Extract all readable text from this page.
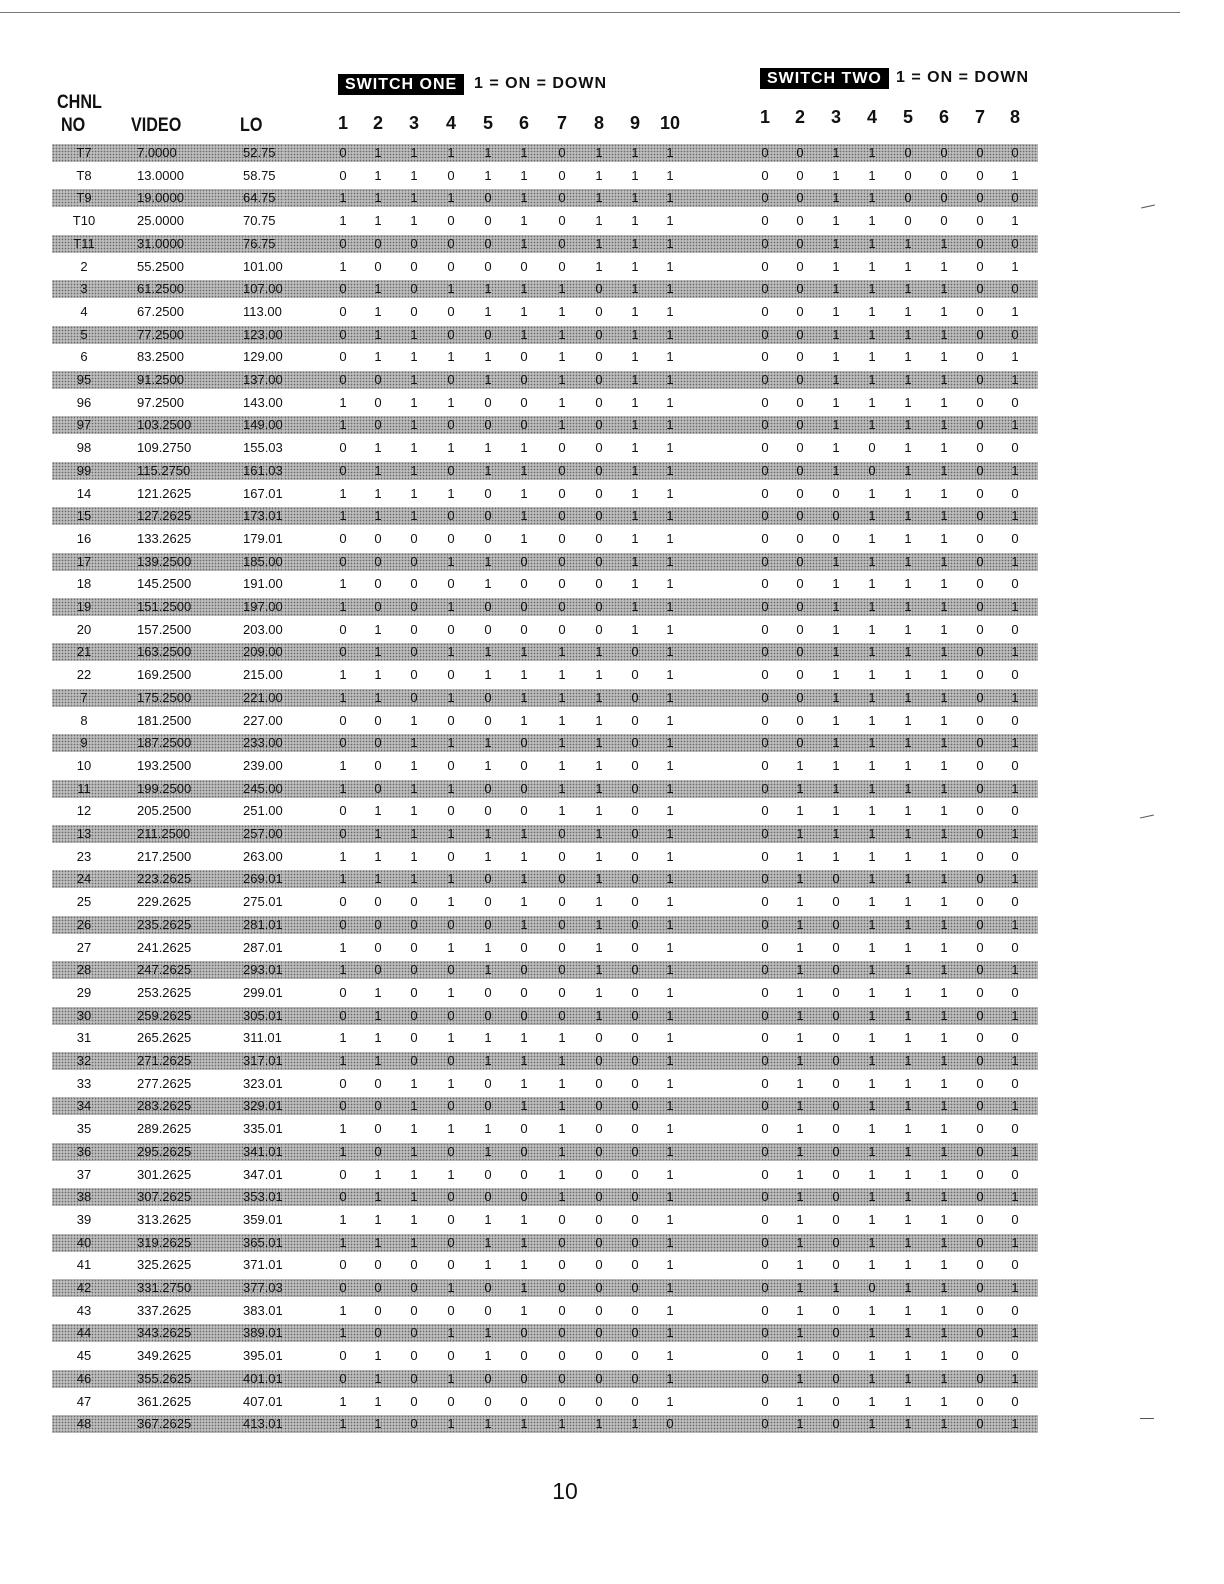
CHNL
NO VIDEO	LO
SWITCH ONE	1 = ON = DOWN
1 2 3 4 5 6 7 8 9 10
SWITCH TWO 1 = ON = DOWN
1 2 3 4 5 6 7 8
T7	7.0000	52.75	0	1	1	1	1	1	0	1	1	1	0	0	1	1	0	0	0	0
T8	13.0000	58.75	0	1	1	0	1	1	0	1	1	1	0	0	1	1	0	0	0	1
T9	19.0000	64.75	1	1	1	1	0	1	0	1	1	1	0	0	1	1	0	0	0	0
T10	25.0000	70.75	1	1	1	0	0	1	0	1	1	1	0	0	1	1	0	0	0	1
T11	31.0000	76.75	0	0	0	0	0	1	0	1	1	1	0	0	1	1	1	1	0	0
2	55.2500	101.00	1	0	0	0	0	0	0	1	1	1	0	0	1	1	1	1	0	1
3	61.2500	107.00	0	1	0	1	1	1	1	0	1	1	0	0	1	1	1	1	0	0
4	67.2500	113.00	0	1	0	0	1	1	1	0	1	1	0	0	1	1	1	1	0	1
5	77.2500	123.00	0	1	1	0	0	1	1	0	1	1	0	0	1	1	1	1	0	0
6	83.2500	129.00	0	1	1	1	1	0	1	0	1	1	0	0	1	1	1	1	0	1
95	91.2500	137.00	0	0	1	0	1	0	1	0	1	1	0	0	1	1	1	1	0	1
96	97.2500	143.00	1	0	1	1	0	0	1	0	1	1	0	0	1	1	1	1	0	0
97	103.2500	149.00	1	0	1	0	0	0	1	0	1	1	0	0	1	1	1	1	0	1
98	109.2750	155.03	0	1	1	1	1	1	0	0	1	1	0	0	1	0	1	1	0	0
99	115.2750	161.03	0	1	1	0	1	1	0	0	1	1	0	0	1	0	1	1	0	1
14	121.2625	167.01	1	1	1	1	0	1	0	0	1	1	0	0	0	1	1	1	0	0
15	127.2625	173.01	1	1	1	0	0	1	0	0	1	1	0	0	0	1	1	1	0	1
16	133.2625	179.01	0	0	0	0	0	1	0	0	1	1	0	0	0	1	1	1	0	0
17	139.2500	185.00	0	0	0	1	1	0	0	0	1	1	0	0	1	1	1	1	0	1
18	145.2500	191.00	1	0	0	0	1	0	0	0	1	1	0	0	1	1	1	1	0	0
19	151.2500	197.00	1	0	0	1	0	0	0	0	1	1	0	0	1	1	1	1	0	1
20	157.2500	203.00	0	1	0	0	0	0	0	0	1	1	0	0	1	1	1	1	0	0
21	163.2500	209.00	0	1	0	1	1	1	1	1	0	1	0	0	1	1	1	1	0	1
22	169.2500	215.00	1	1	0	0	1	1	1	1	0	1	0	0	1	1	1	1	0	0
7	175.2500	221.00	1	1	0	1	0	1	1	1	0	1	0	0	1	1	1	1	0	1
8	181.2500	227.00	0	0	1	0	0	1	1	1	0	1	0	0	1	1	1	1	0	0
9	187.2500	233.00	0	0	1	1	1	0	1	1	0	1	0	0	1	1	1	1	0	1
10	193.2500	239.00	1	0	1	0	1	0	1	1	0	1	0	1	1	1	1	1	0	0
11	199.2500	245.00	1	0	1	1	0	0	1	1	0	1	0	1	1	1	1	1	0	1
12	205.2500	251.00	0	1	1	0	0	0	1	1	0	1	0	1	1	1	1	1	0	0
13	211.2500	257.00	0	1	1	1	1	1	0	1	0	1	0	1	1	1	1	1	0	1
23	217.2500	263.00	1	1	1	0	1	1	0	1	0	1	0	1	1	1	1	1	0	0
24	223.2625	269.01	1	1	1	1	0	1	0	1	0	1	0	1	0	1	1	1	0	1
25	229.2625	275.01	0	0	0	1	0	1	0	1	0	1	0	1	0	1	1	1	0	0
26	235.2625	281.01	0	0	0	0	0	1	0	1	0	1	0	1	0	1	1	1	0	1
27	241.2625	287.01	1	0	0	1	1	0	0	1	0	1	0	1	0	1	1	1	0	0
28	247.2625	293.01	1	0	0	0	1	0	0	1	0	1	0	1	0	1	1	1	0	1
29	253.2625	299.01	0	1	0	1	0	0	0	1	0	1	0	1	0	1	1	1	0	0
30	259.2625	305.01	0	1	0	0	0	0	0	1	0	1	0	1	0	1	1	1	0	1
31	265.2625	311.01	1	1	0	1	1	1	1	0	0	1	0	1	0	1	1	1	0	0
32	271.2625	317.01	1	1	0	0	1	1	1	0	0	1	0	1	0	1	1	1	0	1
33	277.2625	323.01	0	0	1	1	0	1	1	0	0	1	0	1	0	1	1	1	0	0
34	283.2625	329.01	0	0	1	0	0	1	1	0	0	1	0	1	0	1	1	1	0	1
35	289.2625	335.01	1	0	1	1	1	0	1	0	0	1	0	1	0	1	1	1	0	0
36	295.2625	341.01	1	0	1	0	1	0	1	0	0	1	0	1	0	1	1	1	0	1
37	301.2625	347.01	0	1	1	1	0	0	1	0	0	1	0	1	0	1	1	1	0	0
38	307.2625	353.01	0	1	1	0	0	0	1	0	0	1	0	1	0	1	1	1	0	1
39	313.2625	359.01	1	1	1	0	1	1	0	0	0	1	0	1	0	1	1	1	0	0
40	319.2625	365.01	1	1	1	0	1	1	0	0	0	1	0	1	0	1	1	1	0	1
41	325.2625	371.01	0	0	0	0	1	1	0	0	0	1	0	1	0	1	1	1	0	0
42	331.2750	377.03	0	0	0	1	0	1	0	0	0	1	0	1	1	0	1	1	0	1
43	337.2625	383.01	1	0	0	0	0	1	0	0	0	1	0	1	0	1	1	1	0	0
44	343.2625	389.01	1	0	0	1	1	0	0	0	0	1	0	1	0	1	1	1	0	1
45	349.2625	395.01	0	1	0	0	1	0	0	0	0	1	0	1	0	1	1	1	0	0
46	355.2625	401.01	0	1	0	1	0	0	0	0	0	1	0	1	0	1	1	1	0	1
47	361.2625	407.01	1	1	0	0	0	0	0	0	0	1	0	1	0	1	1	1	0	0
48	367.2625	413.01	1	1	0	1	1	1	1	1	1	0	0	1	0	1	1	1	0	1
10
